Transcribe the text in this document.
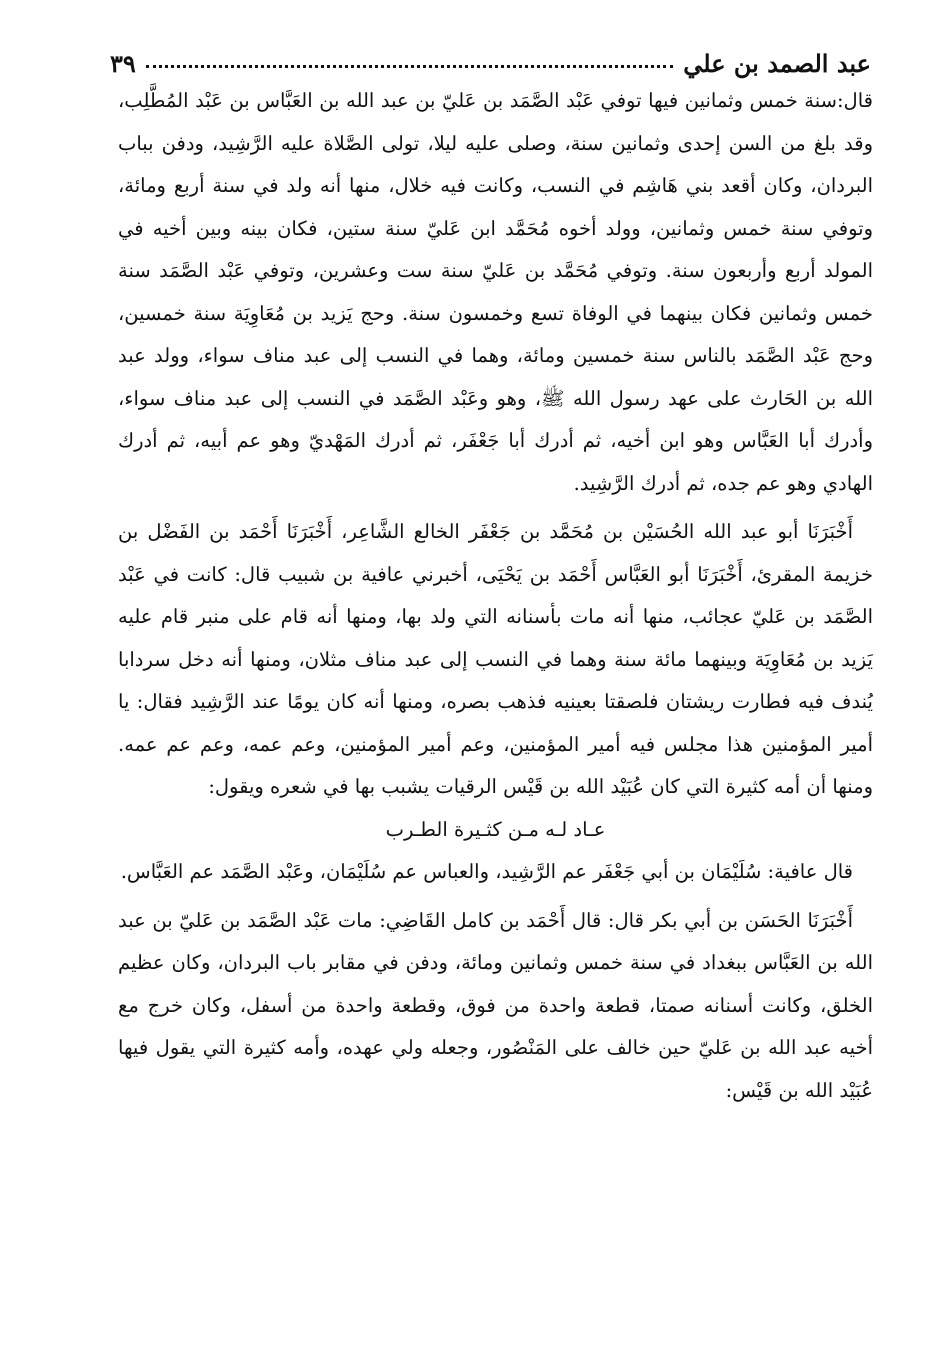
عبد الصمد بن علي
٣٩

قال:سنة خمس وثمانين فيها توفي عَبْد الصَّمَد بن عَليّ بن عبد الله بن العَبَّاس بن عَبْد المُطَّلِب، وقد بلغ من السن إحدى وثمانين سنة، وصلى عليه ليلا، تولى الصَّلاة عليه الرَّشِيد، ودفن بباب البردان، وكان أقعد بني هَاشِم في النسب، وكانت فيه خلال، منها أنه ولد في سنة أربع ومائة، وتوفي سنة خمس وثمانين، وولد أخوه مُحَمَّد ابن عَليّ سنة ستين، فكان بينه وبين أخيه في المولد أربع وأربعون سنة. وتوفي مُحَمَّد بن عَليّ سنة ست وعشرين، وتوفي عَبْد الصَّمَد سنة خمس وثمانين فكان بينهما في الوفاة تسع وخمسون سنة. وحج يَزيد بن مُعَاوِيَة سنة خمسين، وحج عَبْد الصَّمَد بالناس سنة خمسين ومائة، وهما في النسب إلى عبد مناف سواء، وولد عبد الله بن الحَارث على عهد رسول الله ﷺ، وهو وعَبْد الصَّمَد في النسب إلى عبد مناف سواء، وأدرك أبا العَبَّاس وهو ابن أخيه، ثم أدرك أبا جَعْفَر، ثم أدرك المَهْديّ وهو عم أبيه، ثم أدرك الهادي وهو عم جده، ثم أدرك الرَّشِيد.

أَخْبَرَنَا أبو عبد الله الحُسَيْن بن مُحَمَّد بن جَعْفَر الخالع الشَّاعِر، أَخْبَرَنَا أَحْمَد بن الفَضْل بن خزيمة المقرئ، أَخْبَرَنَا أبو العَبَّاس أَحْمَد بن يَحْيَى، أخبرني عافية بن شبيب قال: كانت في عَبْد الصَّمَد بن عَليّ عجائب، منها أنه مات بأسنانه التي ولد بها، ومنها أنه قام على منبر قام عليه يَزيد بن مُعَاوِيَة وبينهما مائة سنة وهما في النسب إلى عبد مناف مثلان، ومنها أنه دخل سردابا يُندف فيه فطارت ريشتان فلصقتا بعينيه فذهب بصره، ومنها أنه كان يومًا عند الرَّشِيد فقال: يا أمير المؤمنين هذا مجلس فيه أمير المؤمنين، وعم أمير المؤمنين، وعم عمه، وعم عم عمه. ومنها أن أمه كثيرة التي كان عُبَيْد الله بن قَيْس الرقيات يشبب بها في شعره ويقول:

عـاد لـه مـن كثـيرة الطـرب

قال عافية: سُلَيْمَان بن أبي جَعْفَر عم الرَّشِيد، والعباس عم سُلَيْمَان، وعَبْد الصَّمَد عم العَبَّاس.

أَخْبَرَنَا الحَسَن بن أبي بكر قال: قال أَحْمَد بن كامل القَاضِي: مات عَبْد الصَّمَد بن عَليّ بن عبد الله بن العَبَّاس ببغداد في سنة خمس وثمانين ومائة، ودفن في مقابر باب البردان، وكان عظيم الخلق، وكانت أسنانه صمتا، قطعة واحدة من فوق، وقطعة واحدة من أسفل، وكان خرج مع أخيه عبد الله بن عَليّ حين خالف على المَنْصُور، وجعله ولي عهده، وأمه كثيرة التي يقول فيها عُبَيْد الله بن قَيْس:
